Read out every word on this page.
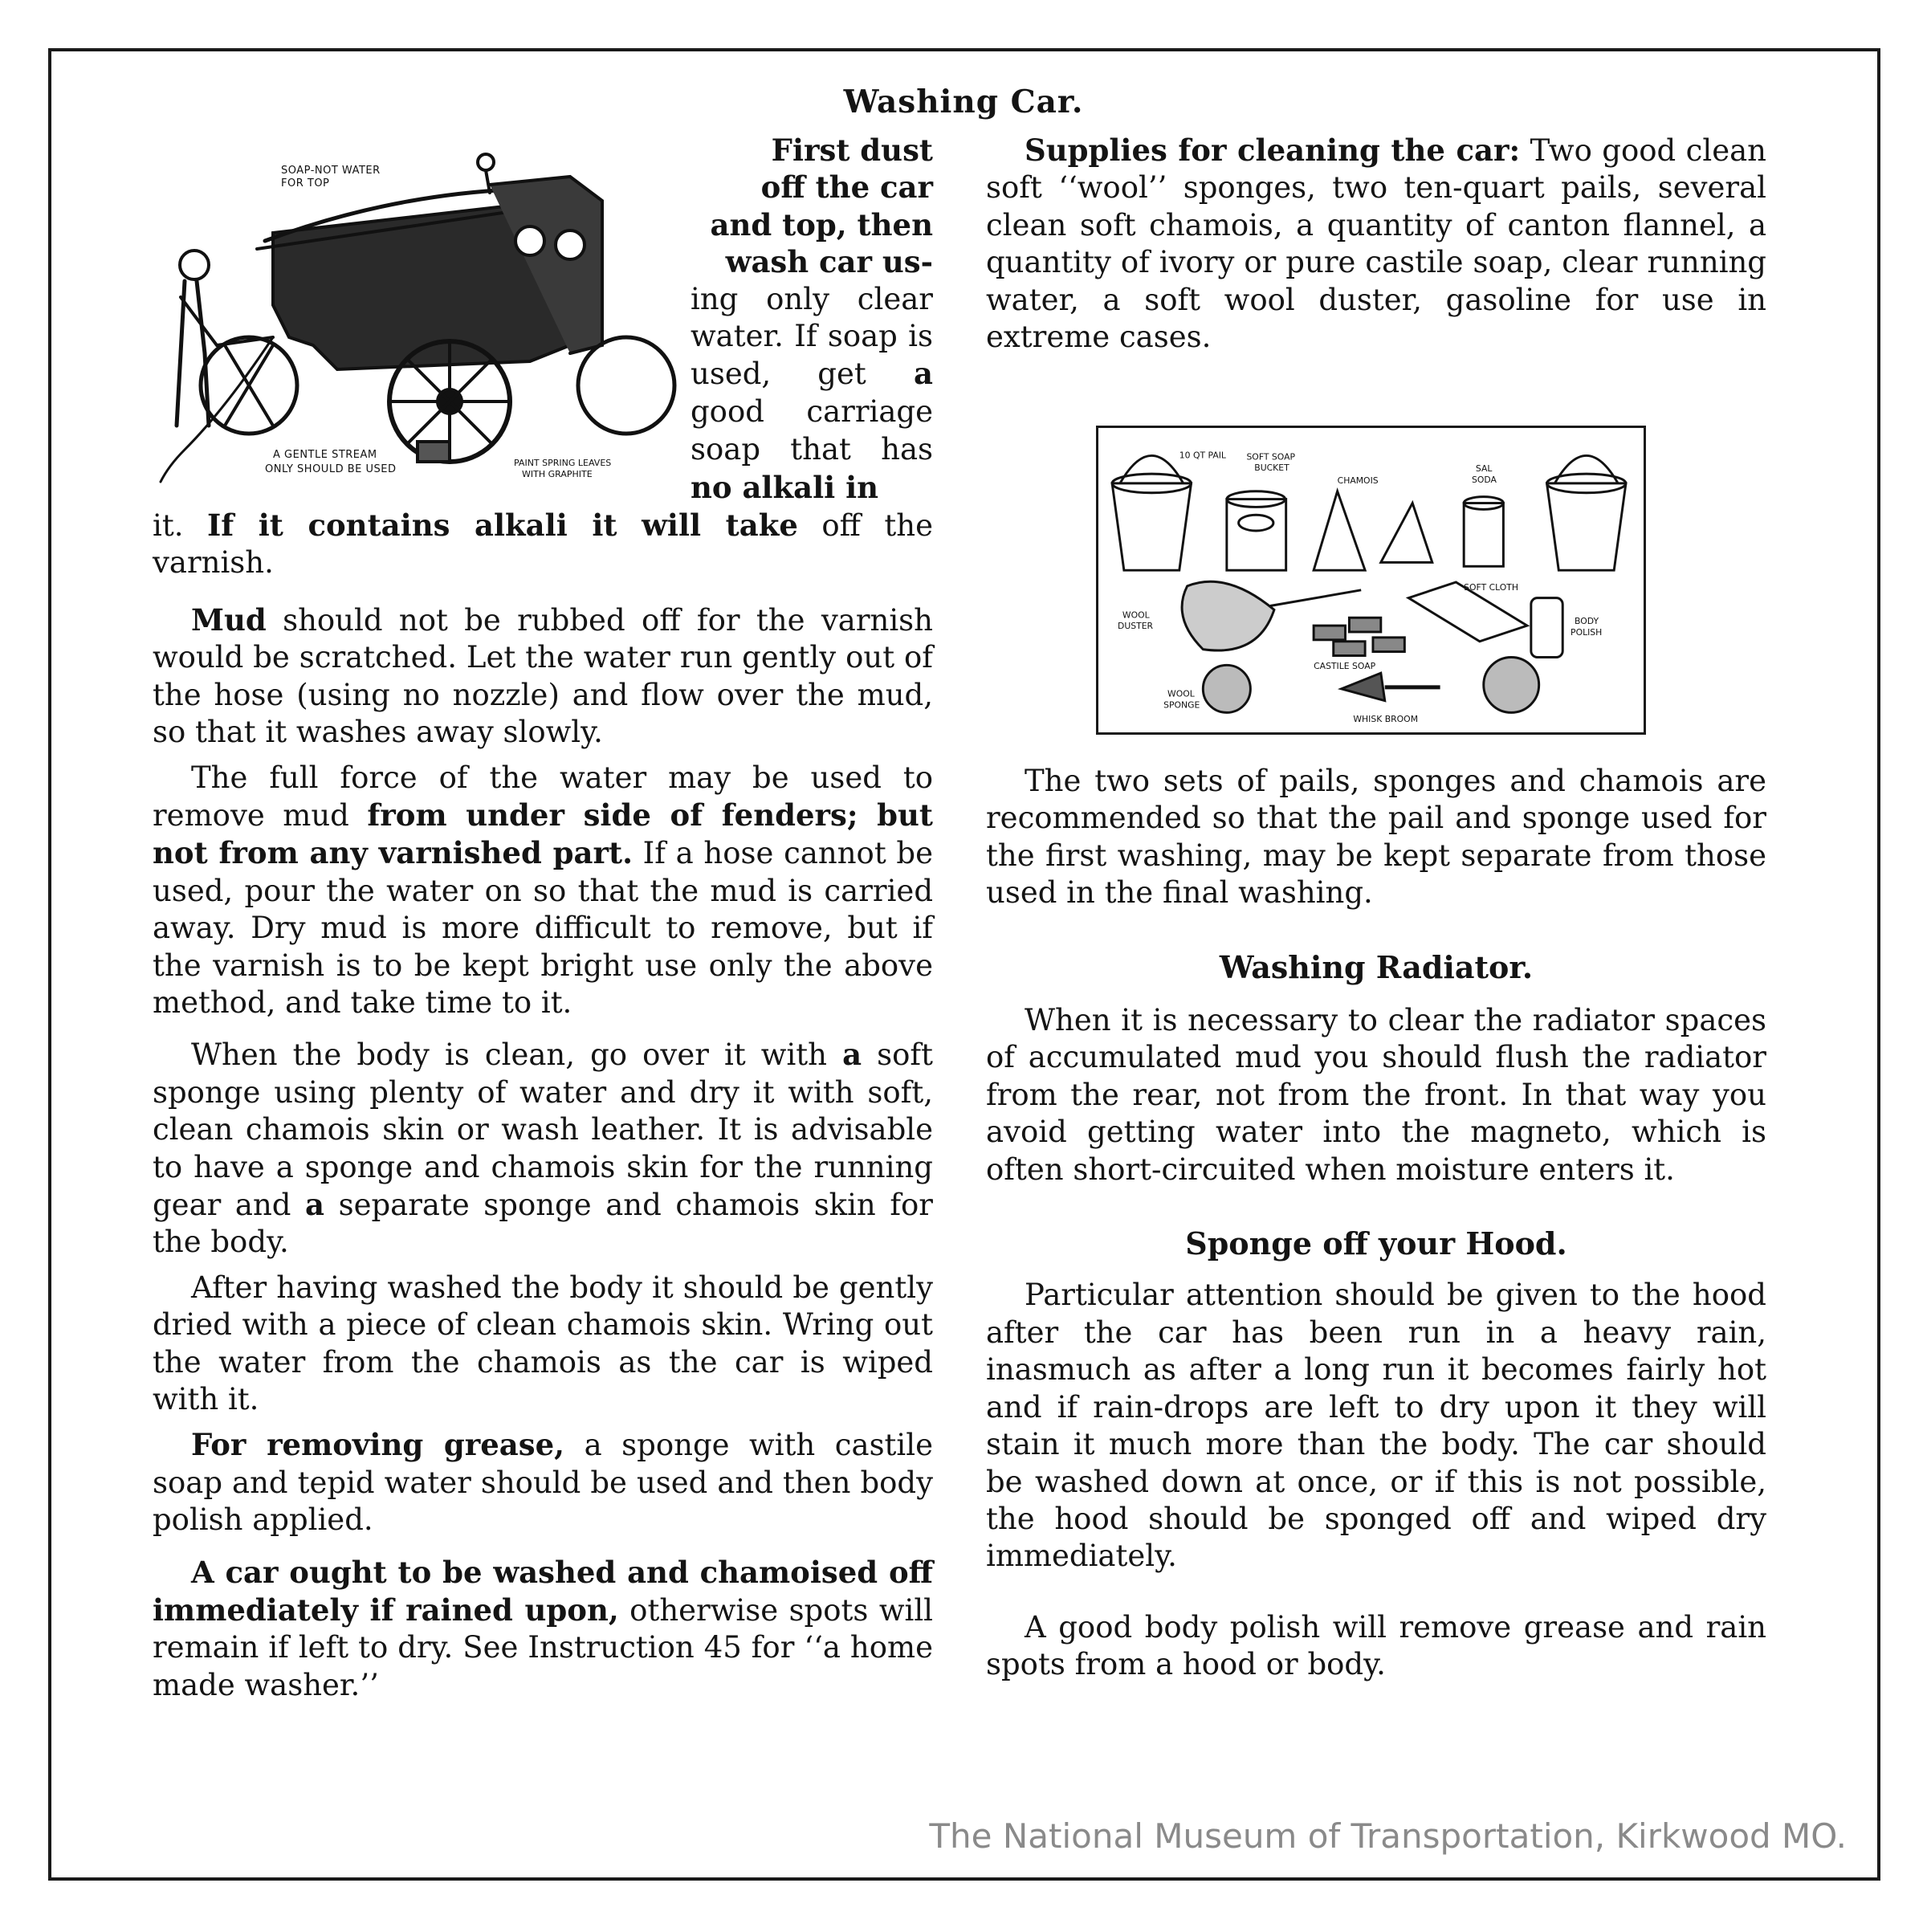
Washing Car.
SOAP-NOT WATER
FOR TOP
A GENTLE STREAM
ONLY SHOULD BE USED
PAINT SPRING LEAVES
WITH GRAPHITE

First dust

off the car

and top, then

wash car us-

ing only clear water. If soap is used, get a good carriage soap that has no alkali in

it. If it contains alkali it will take off the varnish.

Mud should not be rubbed off for the varnish would be scratched. Let the water run gently out of the hose (using no nozzle) and flow over the mud, so that it washes away slowly.

The full force of the water may be used to remove mud from under side of fenders; but not from any varnished part. If a hose cannot be used, pour the water on so that the mud is carried away. Dry mud is more difficult to remove, but if the varnish is to be kept bright use only the above method, and take time to it.

When the body is clean, go over it with a soft sponge using plenty of water and dry it with soft, clean chamois skin or wash leather. It is advisable to have a sponge and chamois skin for the running gear and a separate sponge and chamois skin for the body.

After having washed the body it should be gently dried with a piece of clean chamois skin. Wring out the water from the chamois as the car is wiped with it.

For removing grease, a sponge with castile soap and tepid water should be used and then body polish applied.

A car ought to be washed and chamoised off immediately if rained upon, otherwise spots will remain if left to dry. See Instruction 45 for ‘‘a home made washer.’’

Supplies for cleaning the car: Two good clean soft ‘‘wool’’ sponges, two ten-quart pails, several clean soft chamois, a quantity of canton flannel, a quantity of ivory or pure castile soap, clear running water, a soft wool duster, gasoline for use in extreme cases.

10 QT PAIL SOFT SOAP
BUCKET
CHAMOIS
SAL
SODA
SOFT CLOTH
WOOL
DUSTER
CASTILE SOAP
BODY
POLISH
WOOL
SPONGE
WHISK BROOM

The two sets of pails, sponges and chamois are recommended so that the pail and sponge used for the first washing, may be kept separate from those used in the final washing.

Washing Radiator.

When it is necessary to clear the radiator spaces of accumulated mud you should flush the radiator from the rear, not from the front. In that way you avoid getting water into the magneto, which is often short-circuited when moisture enters it.

Sponge off your Hood.

Particular attention should be given to the hood after the car has been run in a heavy rain, inasmuch as after a long run it becomes fairly hot and if rain-drops are left to dry upon it they will stain it much more than the body. The car should be washed down at once, or if this is not possible, the hood should be sponged off and wiped dry immediately.

A good body polish will remove grease and rain spots from a hood or body.

The National Museum of Transportation, Kirkwood MO.
